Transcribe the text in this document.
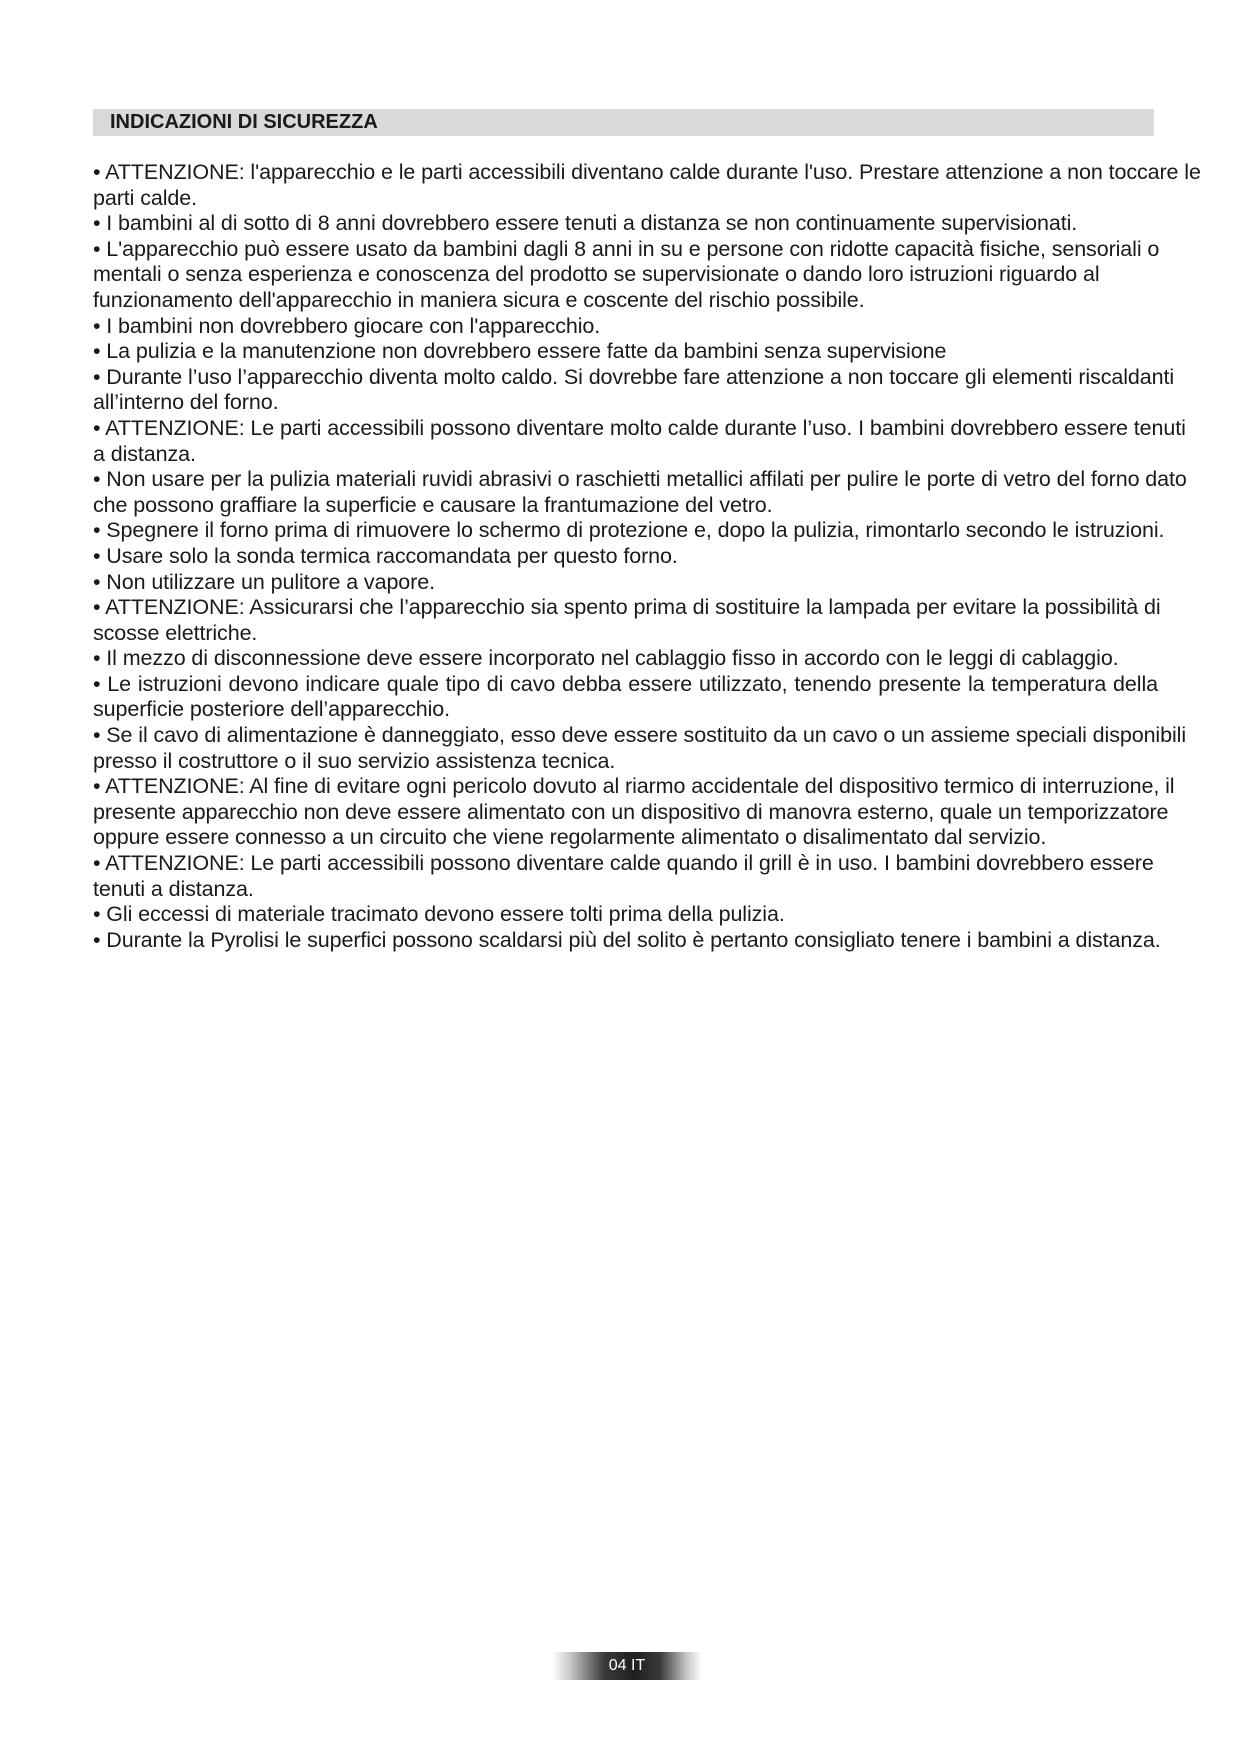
INDICAZIONI DI SICUREZZA

• ATTENZIONE: l'apparecchio e le parti accessibili diventano calde durante l'uso. Prestare attenzione a non toccare le parti calde.

• I bambini al di sotto di 8 anni dovrebbero essere tenuti a distanza se non continuamente supervisionati.

• L'apparecchio può essere usato da bambini dagli 8 anni in su e persone con ridotte capacità fisiche, sensoriali o mentali o senza esperienza e conoscenza del prodotto se supervisionate o dando loro istruzioni riguardo al funzionamento dell'apparecchio in maniera sicura e coscente del rischio possibile.

• I bambini non dovrebbero giocare con l'apparecchio.

• La pulizia e la manutenzione non dovrebbero essere fatte da bambini senza supervisione

• Durante l’uso l’apparecchio diventa molto caldo. Si dovrebbe fare attenzione a non toccare gli elementi riscaldanti all’interno del forno.

• ATTENZIONE: Le parti accessibili possono diventare molto calde durante l’uso. I bambini dovrebbero essere tenuti a distanza.

• Non usare per la pulizia materiali ruvidi abrasivi o raschietti metallici affilati per pulire le porte di vetro del forno dato che possono graffiare la superficie e causare la frantumazione del vetro.

• Spegnere il forno prima di rimuovere lo schermo di protezione e, dopo la pulizia, rimontarlo secondo le istruzioni.

• Usare solo la sonda termica raccomandata per questo forno.

• Non utilizzare un pulitore a vapore.

• ATTENZIONE: Assicurarsi che l’apparecchio sia spento prima di sostituire la lampada per evitare la possibilità di scosse elettriche.

• Il mezzo di disconnessione deve essere incorporato nel cablaggio fisso in accordo con le leggi di cablaggio.

• Le istruzioni devono indicare quale tipo di cavo debba essere utilizzato, tenendo presente la temperatura della superficie posteriore dell’apparecchio.

• Se il cavo di alimentazione è danneggiato, esso deve essere sostituito da un cavo o un assieme speciali disponibili presso il costruttore o il suo servizio assistenza tecnica.

• ATTENZIONE: Al fine di evitare ogni pericolo dovuto al riarmo accidentale del dispositivo termico di interruzione, il presente apparecchio non deve essere alimentato con un dispositivo di manovra esterno, quale un temporizzatore oppure essere connesso a un circuito che viene regolarmente alimentato o disalimentato dal servizio.

• ATTENZIONE: Le parti accessibili possono diventare calde quando il grill è in uso. I bambini dovrebbero essere tenuti a distanza.

• Gli eccessi di materiale tracimato devono essere tolti prima della pulizia.

• Durante la Pyrolisi le superfici possono scaldarsi più del solito è pertanto consigliato tenere i bambini a distanza.

04 IT
